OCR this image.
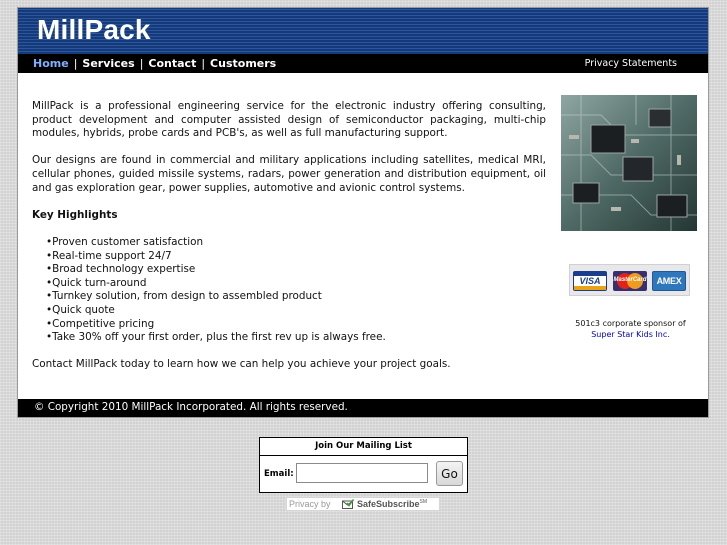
MillPack
Home | Services | Contact | Customers	Privacy Statements

MillPack is a professional engineering service for the electronic industry offering consulting, product development and computer assisted design of semiconductor packaging, multi-chip modules, hybrids, probe cards and PCB's, as well as full manufacturing support.

Our designs are found in commercial and military applications including satellites, medical MRI, cellular phones, guided missile systems, radars, power generation and distribution equipment, oil and gas exploration gear, power supplies, automotive and avionic control systems.

Key Highlights
• Proven customer satisfaction
• Real-time support 24/7
• Broad technology expertise
• Quick turn-around
• Turnkey solution, from design to assembled product
• Quick quote
• Competitive pricing
• Take 30% off your first order, plus the first rev up is always free.

Contact MillPack today to learn how we can help you achieve your project goals.

VISA	MasterCard	AMEX
501c3 corporate sponsor of
Super Star Kids Inc.
© Copyright 2010 MillPack Incorporated. All rights reserved.
Join Our Mailing List
Email:	Go
Privacy by	SafeSubscribe℠
